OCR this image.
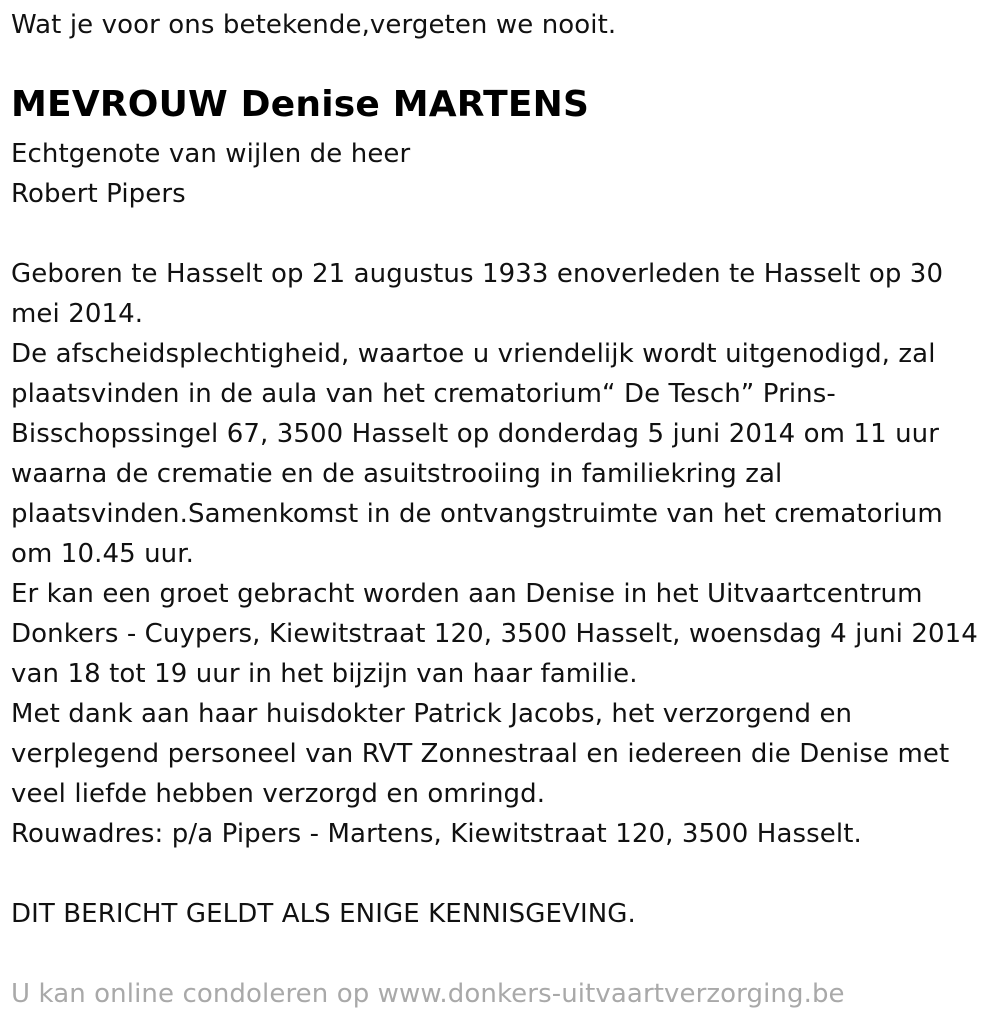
Wat je voor ons betekende,vergeten we nooit.
MEVROUW Denise MARTENS
Echtgenote van wijlen de heer
Robert Pipers
Geboren te Hasselt op 21 augustus 1933 enoverleden te Hasselt op 30
mei 2014.
De afscheidsplechtigheid, waartoe u vriendelijk wordt uitgenodigd, zal
plaatsvinden in de aula van het crematorium“ De Tesch” Prins-
Bisschopssingel 67, 3500 Hasselt op donderdag 5 juni 2014 om 11 uur
waarna de crematie en de asuitstrooiing in familiekring zal
plaatsvinden.Samenkomst in de ontvangstruimte van het crematorium
om 10.45 uur.
Er kan een groet gebracht worden aan Denise in het Uitvaartcentrum
Donkers - Cuypers, Kiewitstraat 120, 3500 Hasselt, woensdag 4 juni 2014
van 18 tot 19 uur in het bijzijn van haar familie.
Met dank aan haar huisdokter Patrick Jacobs, het verzorgend en
verplegend personeel van RVT Zonnestraal en iedereen die Denise met
veel liefde hebben verzorgd en omringd.
Rouwadres: p/a Pipers - Martens, Kiewitstraat 120, 3500 Hasselt.
DIT BERICHT GELDT ALS ENIGE KENNISGEVING.
U kan online condoleren op www.donkers-uitvaartverzorging.be
